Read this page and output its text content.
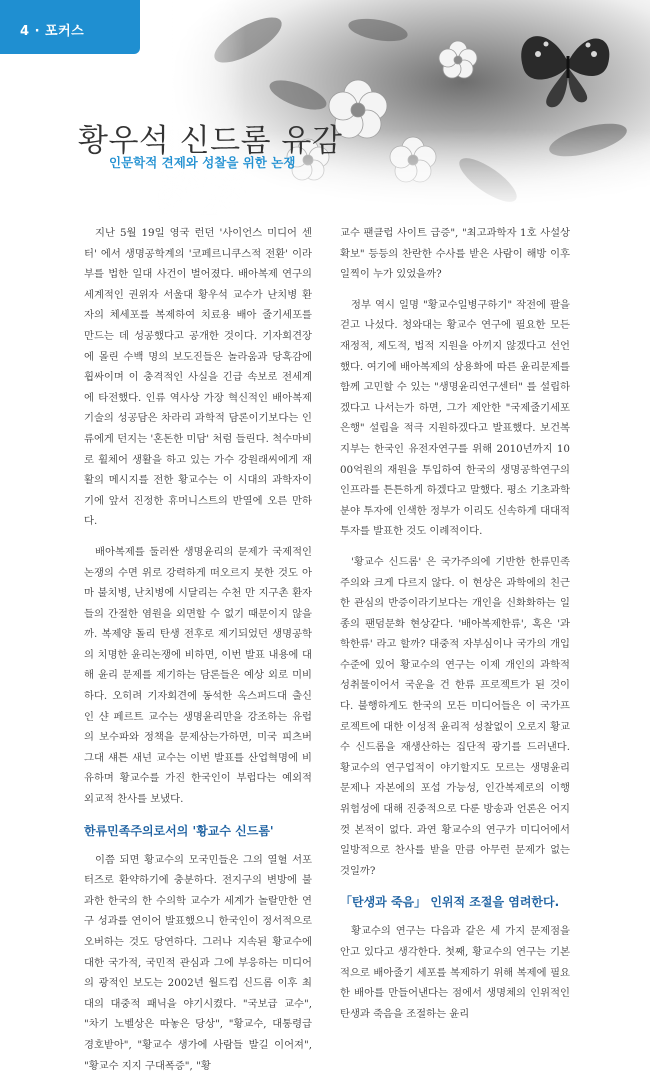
4 · 포커스
황우석 신드롬 유감
인문학적 견제와 성찰을 위한 논쟁

지난 5월 19일 영국 런던 '사이언스 미디어 센터' 에서 생명공학계의 '코페르니쿠스적 전환' 이라 부를 법한 일대 사건이 벌어졌다. 배아복제 연구의 세계적인 권위자 서울대 황우석 교수가 난치병 환자의 체세포를 복제하여 치료용 배아 줄기세포를 만드는 데 성공했다고 공개한 것이다. 기자회견장에 몰린 수백 명의 보도진들은 놀라움과 당혹감에 휩싸이며 이 충격적인 사실을 긴급 속보로 전세계에 타전했다. 인류 역사상 가장 혁신적인 배아복제 기술의 성공담은 차라리 과학적 담론이기보다는 인류에게 던지는 '혼돈한 미담' 처럼 들린다. 척수마비로 휠체어 생활을 하고 있는 가수 강원래씨에게 재활의 메시지를 전한 황교수는 이 시대의 과학자이기에 앞서 진정한 휴머니스트의 반열에 오른 만하다.

배아복제를 둘러싼 생명윤리의 문제가 국제적인 논쟁의 수면 위로 강력하게 떠오르지 못한 것도 아마 불치병, 난치병에 시달리는 수천 만 지구촌 환자들의 간절한 염원을 외면할 수 없기 때문이지 않을까. 복제양 돌리 탄생 전후로 제기되었던 생명공학의 치명한 윤리논쟁에 비하면, 이번 발표 내용에 대해 윤리 문제를 제기하는 담론들은 예상 외로 미비하다. 오히려 기자회견에 동석한 옥스퍼드대 출신인 샨 페르트 교수는 생명윤리만을 강조하는 유럽의 보수파와 정책을 문제삼는가하면, 미국 피츠버그대 섀튼 새넌 교수는 이번 발표를 산업혁명에 비유하며 황교수를 가진 한국인이 부럽다는 예외적 외교적 찬사를 보냈다.

한류민족주의로서의 '황교수 신드롬'

이쯤 되면 황교수의 모국민들은 그의 열혈 서포터즈로 환약하기에 충분하다. 전지구의 변방에 불과한 한국의 한 수의학 교수가 세계가 놀랄만한 연구 성과를 연이어 발표했으니 한국인이 정서적으로 오버하는 것도 당연하다. 그러나 지속된 황교수에 대한 국가적, 국민적 관심과 그에 부응하는 미디어의 광적인 보도는 2002년 월드컵 신드롬 이후 최대의 대중적 패닉을 야기시켰다. "국보급 교수", "차기 노벨상은 따놓은 당상", "황교수, 대통령급 경호받아", "황교수 생가에 사람들 발길 이어져", "황교수 지지 구대폭증", "황

교수 팬클럽 사이트 급증", "최고과학자 1호 사설상 확보" 등등의 찬란한 수사를 받은 사람이 해방 이후 일찍이 누가 있었을까?

정부 역시 일명 "황교수일병구하기" 작전에 팔을 걷고 나섰다. 청와대는 황교수 연구에 필요한 모든 재정적, 제도적, 법적 지원을 아끼지 않겠다고 선언했다. 여기에 배아복제의 상용화에 따른 윤리문제를 함께 고민할 수 있는 "생명윤리연구센터" 를 설립하겠다고 나서는가 하면, 그가 제안한 "국제줄기세포은행" 설립을 적극 지원하겠다고 발표했다. 보건복지부는 한국인 유전자연구를 위해 2010년까지 1000억원의 재원을 투입하여 한국의 생명공학연구의 인프라를 튼튼하게 하겠다고 말했다. 평소 기초과학 분야 투자에 인색한 정부가 이리도 신속하게 대대적 투자를 발표한 것도 이례적이다.

'황교수 신드롬' 은 국가주의에 기반한 한류민족주의와 크게 다르지 않다. 이 현상은 과학에의 친근한 관심의 반증이라기보다는 개인을 신화화하는 일종의 팬덤문화 현상같다. '배아복제한류', 혹은 '과학한류' 라고 할까? 대중적 자부심이나 국가의 개입수준에 있어 황교수의 연구는 이제 개인의 과학적 성취물이어서 국운을 건 한류 프로젝트가 된 것이다. 불행하게도 한국의 모든 미디어들은 이 국가프로젝트에 대한 이성적 윤리적 성찰없이 오로지 황교수 신드롬을 재생산하는 집단적 광기를 드러낸다. 황교수의 연구업적이 야기할지도 모르는 생명윤리 문제나 자본에의 포섭 가능성, 인간복제로의 이행 위험성에 대해 진중적으로 다룬 방송과 언론은 어지껏 본적이 없다. 과연 황교수의 연구가 미디어에서 일방적으로 찬사를 받을 만큼 아무런 문제가 없는 것일까?

「탄생과 죽음」 인위적 조절을 염려한다.

황교수의 연구는 다음과 같은 세 가지 문제점을 안고 있다고 생각한다. 첫째, 황교수의 연구는 기본적으로 배아줄기 세포를 복제하기 위해 복제에 필요한 배아를 만들어낸다는 점에서 생명체의 인위적인 탄생과 죽음을 조절하는 윤리
